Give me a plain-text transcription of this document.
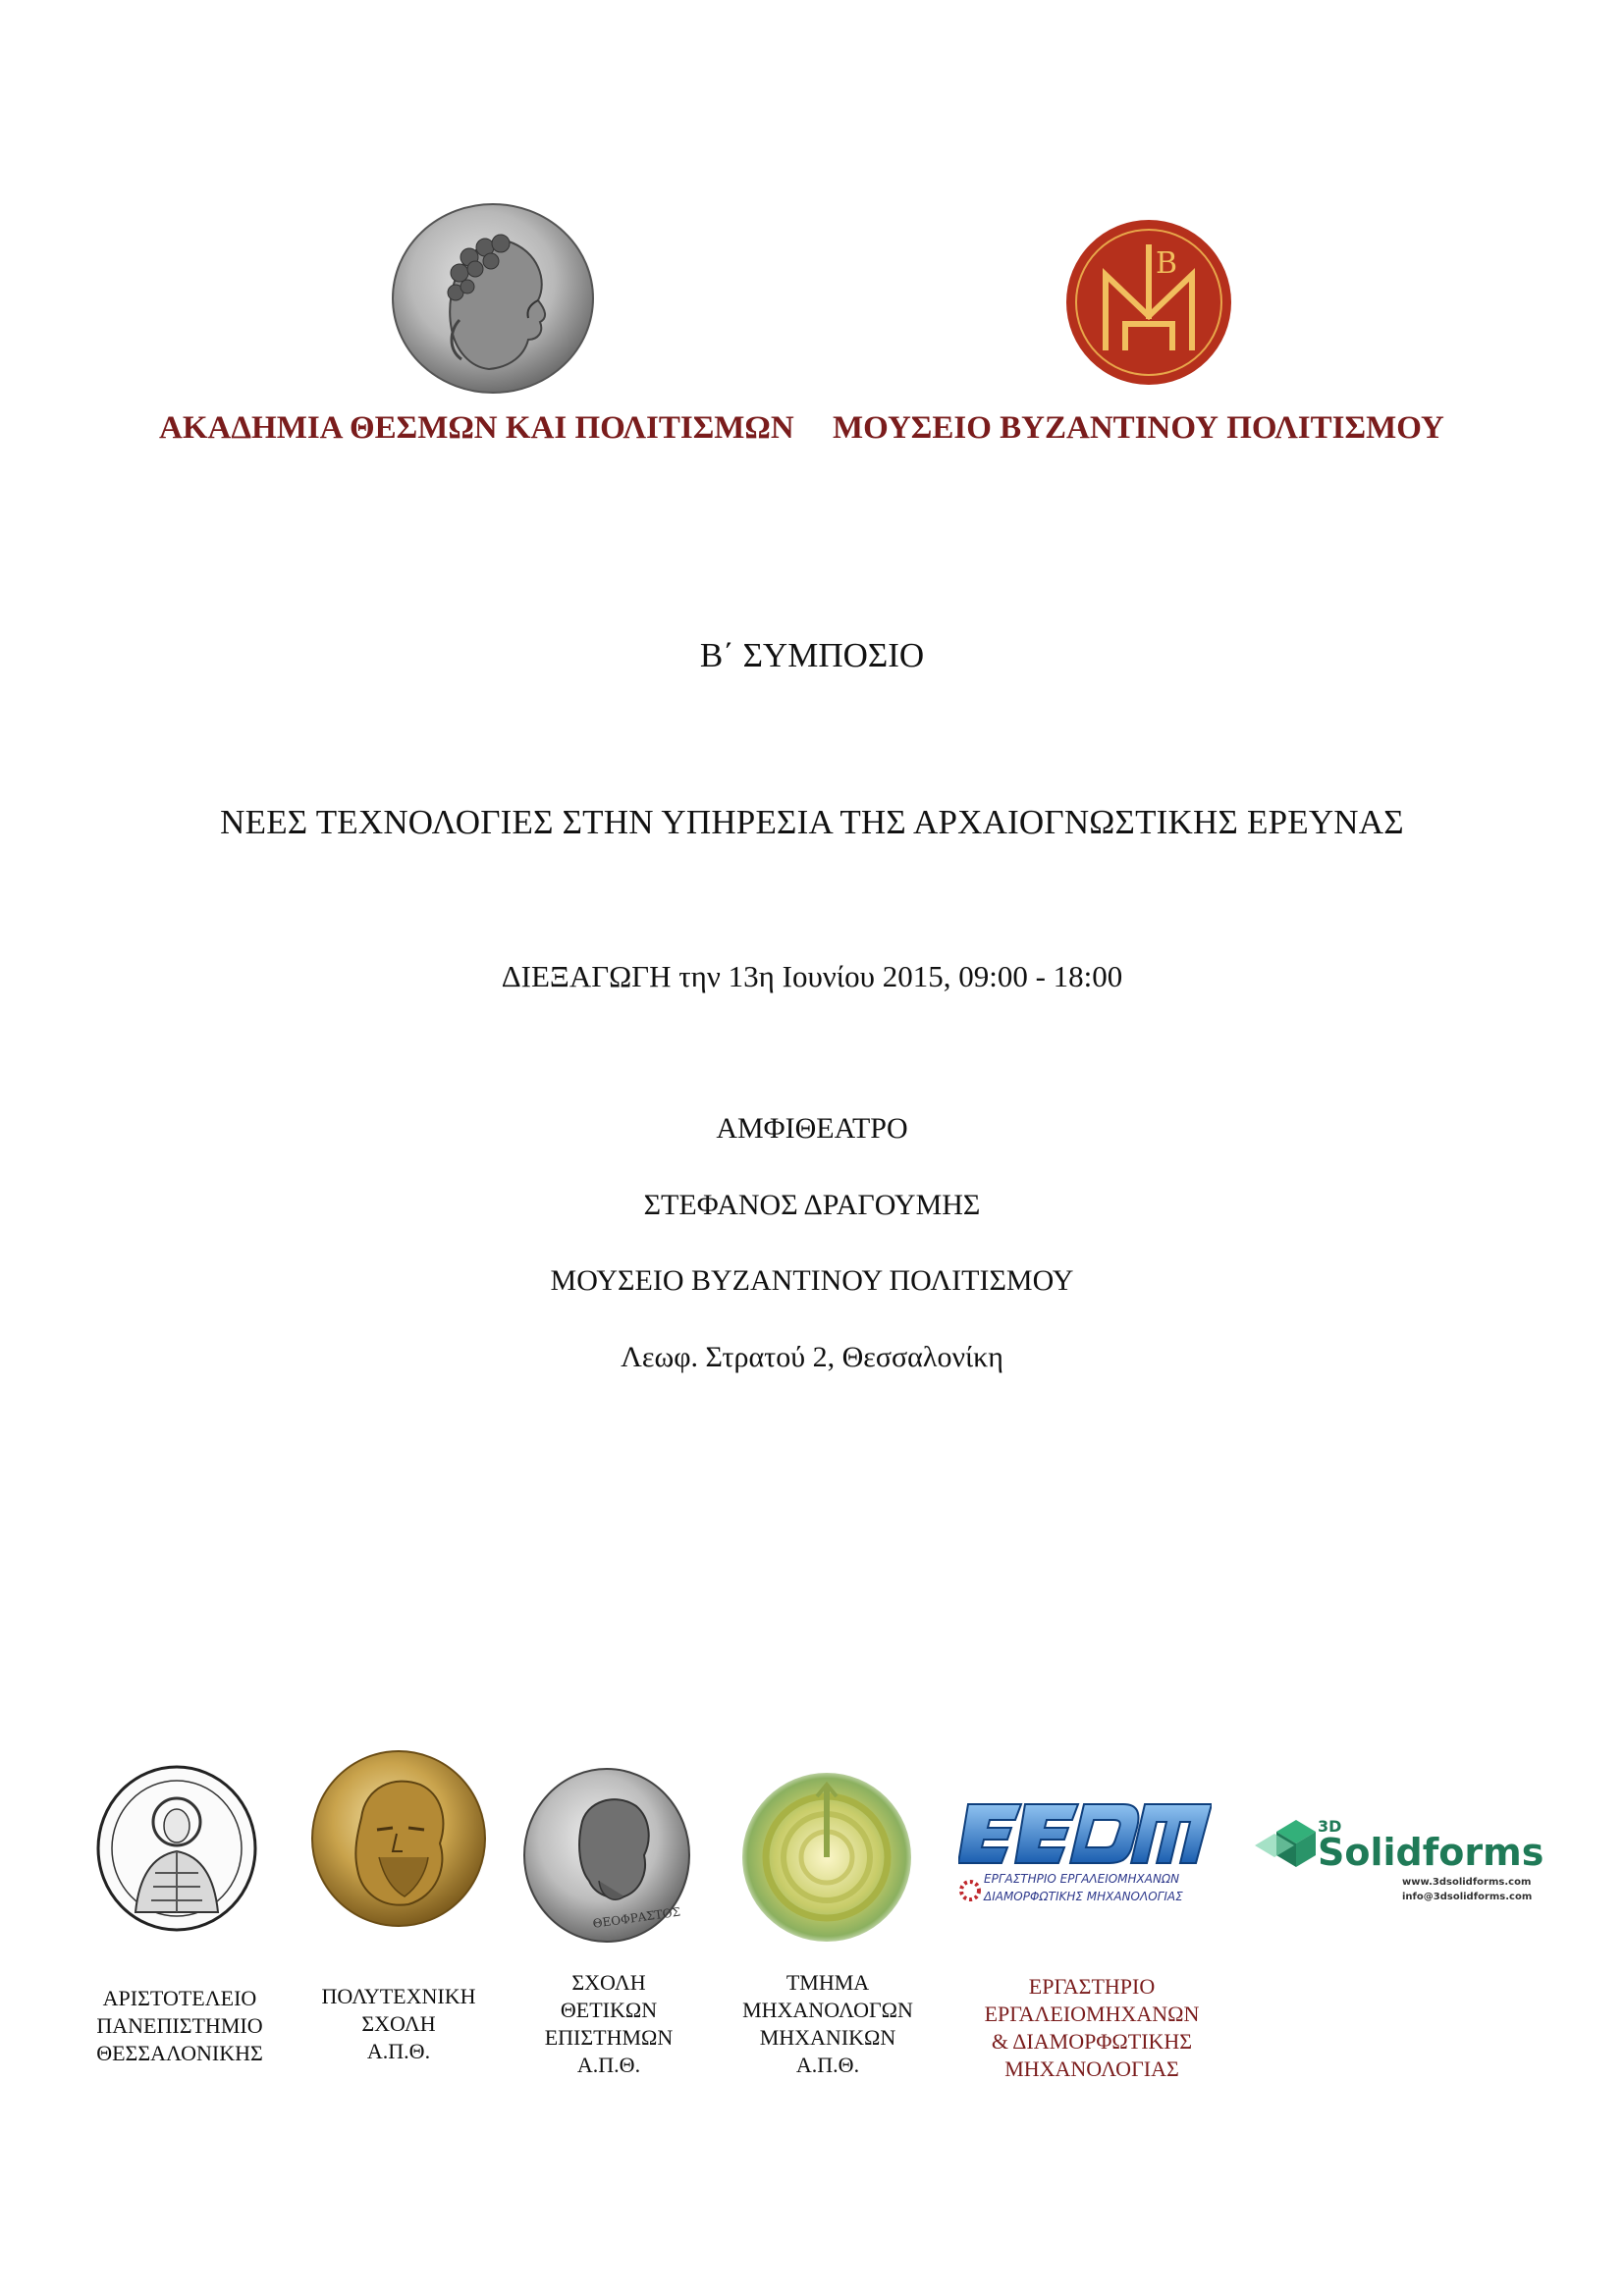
Β
ΑΚΑΔΗΜΙΑ ΘΕΣΜΩΝ ΚΑΙ ΠΟΛΙΤΙΣΜΩΝ ΜΟΥΣΕΙΟ ΒΥΖΑΝΤΙΝΟΥ ΠΟΛΙΤΙΣΜΟΥ
Β΄ ΣΥΜΠΟΣΙΟ
ΝΕΕΣ ΤΕΧΝΟΛΟΓΙΕΣ ΣΤΗΝ ΥΠΗΡΕΣΙΑ ΤΗΣ ΑΡΧΑΙΟΓΝΩΣΤΙΚΗΣ ΕΡΕΥΝΑΣ
ΔΙΕΞΑΓΩΓΗ την 13η Ιουνίου 2015, 09:00 - 18:00
ΑΜΦΙΘΕΑΤΡΟ
ΣΤΕΦΑΝΟΣ ΔΡΑΓΟΥΜΗΣ
ΜΟΥΣΕΙΟ ΒΥΖΑΝΤΙΝΟΥ ΠΟΛΙΤΙΣΜΟΥ
Λεωφ. Στρατού 2, Θεσσαλονίκη
ΘΕΟΦΡΑΣΤΟΣ
ΕΡΓΑΣΤΗΡΙΟ ΕΡΓΑΛΕΙΟΜΗΧΑΝΩΝ
ΔΙΑΜΟΡΦΩΤΙΚΗΣ ΜΗΧΑΝΟΛΟΓΙΑΣ
3D
Solidforms
www.3dsolidforms.com
info@3dsolidforms.com
ΑΡΙΣΤΟΤΕΛΕΙΟ
ΠΑΝΕΠΙΣΤΗΜΙΟ
ΘΕΣΣΑΛΟΝΙΚΗΣ
ΠΟΛΥΤΕΧΝΙΚΗ
ΣΧΟΛΗ
Α.Π.Θ.
ΣΧΟΛΗ
ΘΕΤΙΚΩΝ
ΕΠΙΣΤΗΜΩΝ
Α.Π.Θ.
ΤΜΗΜΑ
ΜΗΧΑΝΟΛΟΓΩΝ
ΜΗΧΑΝΙΚΩΝ
Α.Π.Θ.
ΕΡΓΑΣΤΗΡΙΟ
ΕΡΓΑΛΕΙΟΜΗΧΑΝΩΝ
& ΔΙΑΜΟΡΦΩΤΙΚΗΣ
ΜΗΧΑΝΟΛΟΓΙΑΣ
